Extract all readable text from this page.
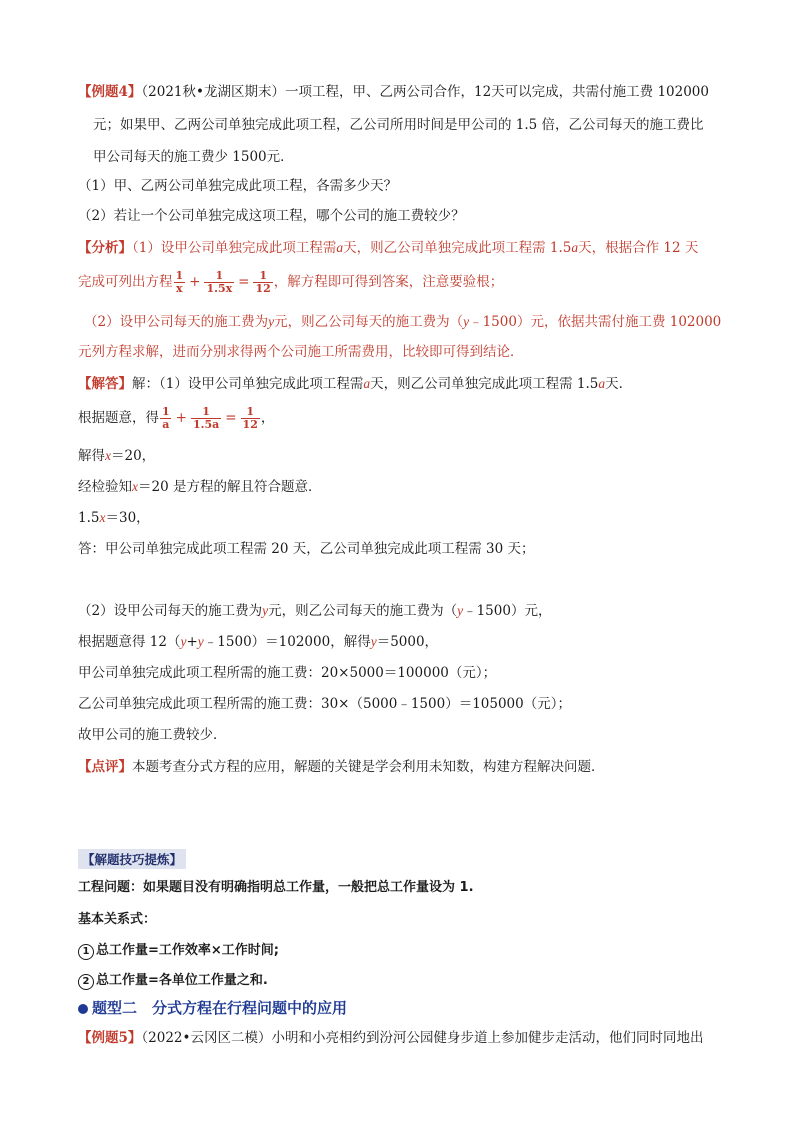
【例题4】（2021秋•龙湖区期末）一项工程，甲、乙两公司合作，12天可以完成，共需付施工费 102000
元；如果甲、乙两公司单独完成此项工程，乙公司所用时间是甲公司的 1.5 倍，乙公司每天的施工费比
甲公司每天的施工费少 1500元．
（1）甲、乙两公司单独完成此项工程，各需多少天？
（2）若让一个公司单独完成这项工程，哪个公司的施工费较少？
【分析】（1）设甲公司单独完成此项工程需a天，则乙公司单独完成此项工程需 1.5a天，根据合作 12 天
完成可列出方程 $\frac{1}{x} + \frac{1}{1.5x} = \frac{1}{12}$ ，解方程即可得到答案，注意要验根；
（2）设甲公司每天的施工费为y元，则乙公司每天的施工费为（y﹣1500）元，依据共需付施工费 102000
元列方程求解，进而分别求得两个公司施工所需费用，比较即可得到结论．
【解答】解：（1）设甲公司单独完成此项工程需a天，则乙公司单独完成此项工程需 1.5a天．
根据题意，得 $\frac{1}{a} + \frac{1}{1.5a} = \frac{1}{12}$ ，
解得x＝20，
经检验知x＝20 是方程的解且符合题意．
1.5x＝30，
答：甲公司单独完成此项工程需 20 天，乙公司单独完成此项工程需 30 天；
（2）设甲公司每天的施工费为y元，则乙公司每天的施工费为（y﹣1500）元，
根据题意得 12（y+y﹣1500）＝102000，解得y＝5000，
甲公司单独完成此项工程所需的施工费：20×5000＝100000（元）；
乙公司单独完成此项工程所需的施工费：30×（5000﹣1500）＝105000（元）；
故甲公司的施工费较少．
【点评】本题考查分式方程的应用，解题的关键是学会利用未知数，构建方程解决问题．
【解题技巧提炼】
工程问题：如果题目没有明确指明总工作量，一般把总工作量设为 1.
基本关系式：
1 总工作量=工作效率×工作时间;
2 总工作量=各单位工作量之和.
题型二　分式方程在行程问题中的应用
【例题5】（2022•云冈区二模）小明和小亮相约到汾河公园健身步道上参加健步走活动，他们同时同地出
